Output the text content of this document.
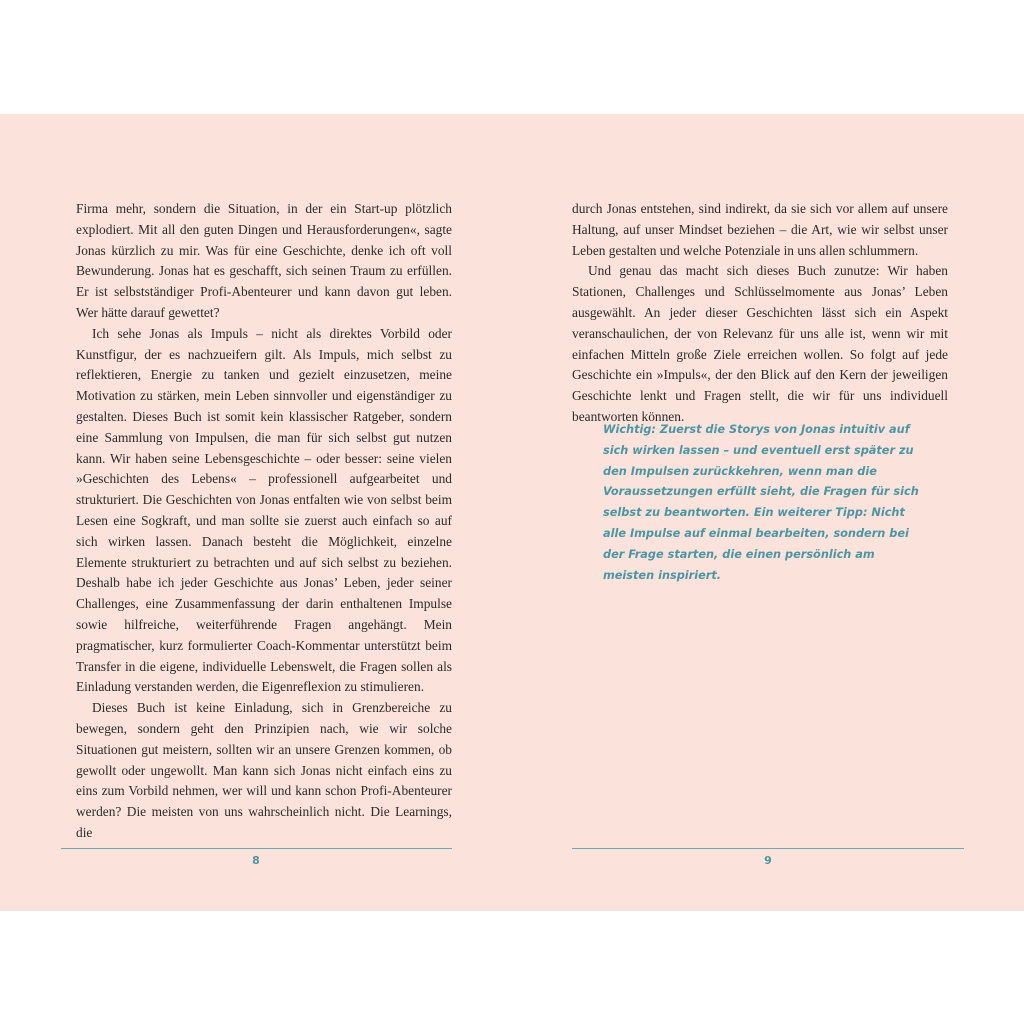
Firma mehr, sondern die Situation, in der ein Start-up plötzlich explodiert. Mit all den guten Dingen und Herausforderungen«, sagte Jonas kürzlich zu mir. Was für eine Geschichte, denke ich oft voll Bewunderung. Jonas hat es geschafft, sich seinen Traum zu erfüllen. Er ist selbstständiger Profi-Abenteurer und kann davon gut leben. Wer hätte darauf gewettet?

Ich sehe Jonas als Impuls – nicht als direktes Vorbild oder Kunstfigur, der es nachzueifern gilt. Als Impuls, mich selbst zu reflektieren, Energie zu tanken und gezielt einzusetzen, meine Motivation zu stärken, mein Leben sinnvoller und eigenständiger zu gestalten. Dieses Buch ist somit kein klassischer Ratgeber, sondern eine Sammlung von Impulsen, die man für sich selbst gut nutzen kann. Wir haben seine Lebensgeschichte – oder besser: seine vielen »Geschichten des Lebens« – professionell aufgearbeitet und strukturiert. Die Geschichten von Jonas entfalten wie von selbst beim Lesen eine Sogkraft, und man sollte sie zuerst auch einfach so auf sich wirken lassen. Danach besteht die Möglichkeit, einzelne Elemente strukturiert zu betrachten und auf sich selbst zu beziehen. Deshalb habe ich jeder Geschichte aus Jonas’ Leben, jeder seiner Challenges, eine Zusammenfassung der darin enthaltenen Impulse sowie hilfreiche, weiterführende Fragen angehängt. Mein pragmatischer, kurz formulierter Coach-Kommentar unterstützt beim Transfer in die eigene, individuelle Lebenswelt, die Fragen sollen als Einladung verstanden werden, die Eigenreflexion zu stimulieren.

Dieses Buch ist keine Einladung, sich in Grenzbereiche zu bewegen, sondern geht den Prinzipien nach, wie wir solche Situationen gut meistern, sollten wir an unsere Grenzen kommen, ob gewollt oder ungewollt. Man kann sich Jonas nicht einfach eins zu eins zum Vorbild nehmen, wer will und kann schon Profi-Abenteurer werden? Die meisten von uns wahrscheinlich nicht. Die Learnings, die

durch Jonas entstehen, sind indirekt, da sie sich vor allem auf unsere Haltung, auf unser Mindset beziehen – die Art, wie wir selbst unser Leben gestalten und welche Potenziale in uns allen schlummern.

Und genau das macht sich dieses Buch zunutze: Wir haben Stationen, Challenges und Schlüsselmomente aus Jonas’ Leben ausgewählt. An jeder dieser Geschichten lässt sich ein Aspekt veranschaulichen, der von Relevanz für uns alle ist, wenn wir mit einfachen Mitteln große Ziele erreichen wollen. So folgt auf jede Geschichte ein »Impuls«, der den Blick auf den Kern der jeweiligen Geschichte lenkt und Fragen stellt, die wir für uns individuell beantworten können.

Wichtig: Zuerst die Storys von Jonas intuitiv auf sich wirken lassen – und eventuell erst später zu den Impulsen zurückkehren, wenn man die Voraussetzungen erfüllt sieht, die Fragen für sich selbst zu beantworten. Ein weiterer Tipp: Nicht alle Impulse auf einmal bearbeiten, sondern bei der Frage starten, die einen persönlich am meisten inspiriert.

8	9
